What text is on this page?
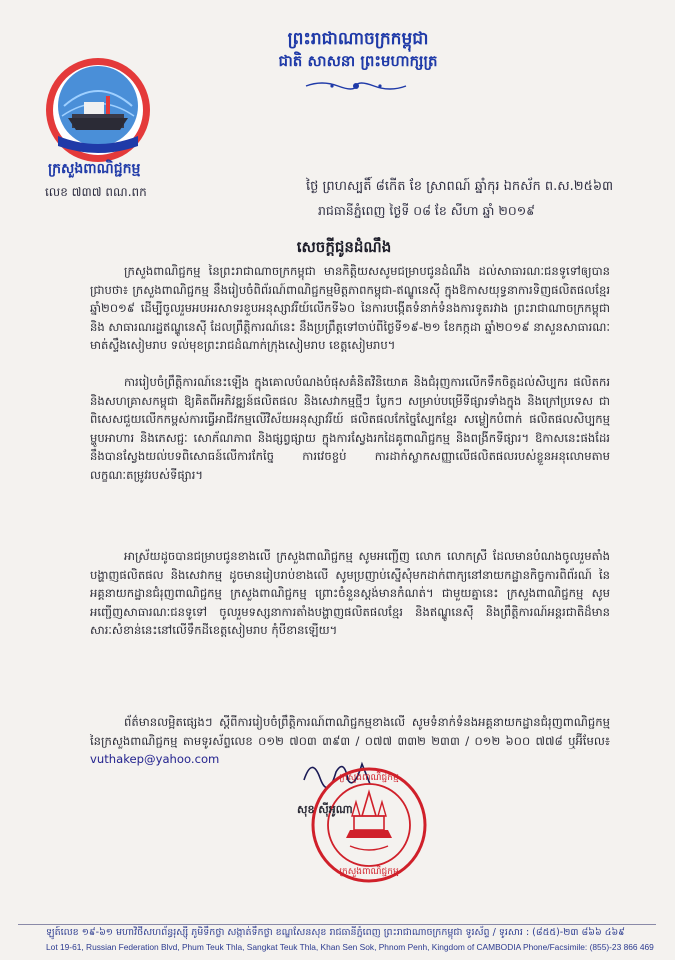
ព្រះរាជាណាចក្រកម្ពុជា
ជាតិ សាសនា ព្រះមហាក្សត្រ
ក្រសួងពាណិជ្ជកម្ម
លេខ ៧៣៧ ពណ.ពក	ថ្ងៃ ព្រហស្បតិ៍ ៨កើត ខែ ស្រាពណ៍ ឆ្នាំកុរ ឯកស័ក ព.ស.២៥៦៣
រាជធានីភ្នំពេញ ថ្ងៃទី ០៨ ខែ សីហា ឆ្នាំ ២០១៩
សេចក្តីជូនដំណឹង

ក្រសួងពាណិជ្ជកម្ម នៃព្រះរាជាណាចក្រកម្ពុជា មានកិត្តិយសសូមជម្រាបជូនដំណឹង ដល់សាធារណៈជនទូទៅឲ្យបានជ្រាបថា៖ ក្រសួងពាណិជ្ជកម្ម នឹងរៀបចំពិព័រណ៍ពាណិជ្ជកម្មមិត្តភាពកម្ពុជា-ឥណ្ឌូនេស៊ី ក្នុងឱកាសយុទ្ធនាការទិញផលិតផលខ្មែរ ឆ្នាំ២០១៩ ដើម្បីចូលរួមអបអរសាទរខួបអនុស្សាវរីយ៍លើកទី៦០ នៃការបង្កើតទំនាក់ទំនងការទូតរវាង ព្រះរាជាណាចក្រកម្ពុជា និង សាធារណរដ្ឋឥណ្ឌូនេស៊ី ដែលព្រឹត្តិការណ៍នេះ នឹងប្រព្រឹត្តទៅចាប់ពីថ្ងៃទី១៩-២១ ខែកក្កដា ឆ្នាំ២០១៩ នាសួនសាធារណៈមាត់ស្ទឹងសៀមរាប ទល់មុខព្រះរាជដំណាក់ក្រុងសៀមរាប ខេត្តសៀមរាប។

ការរៀបចំព្រឹត្តិការណ៍នេះឡើង ក្នុងគោលបំណងបំផុសគំនិតវិនិយោគ និងជំរុញការលើកទឹកចិត្តដល់សិប្បករ ផលិតករ និងសហគ្រាសកម្ពុជា ឱ្យគិតពីអភិវឌ្ឍន៍ផលិតផល និងសេវាកម្មថ្មីៗ ប្លែកៗ សម្រាប់បម្រើទីផ្សារទាំងក្នុង និងក្រៅប្រទេស ជាពិសេសជួយលើកកម្ពស់ការធ្វើអាជីវកម្មលើវិស័យអនុស្សាវរីយ៍ ផលិតផលកែច្នៃស្បែកខ្មែរ សម្លៀកបំពាក់ ផលិតផលសិប្បកម្ម ម្ហូបអាហារ និងភេសជ្ជៈ សោភ័ណភាព និងផ្សព្វផ្សាយ ក្នុងការស្វែងរកដៃគូពាណិជ្ជកម្ម និងពង្រីកទីផ្សារ។ ឱកាសនេះផងដែរ នឹងបានស្វែងយល់បទពិសោធន៍លើការកែច្នៃ ការវេចខ្ចប់ ការដាក់ស្លាកសញ្ញាលើផលិតផលរបស់ខ្លួនអនុលោមតាមលក្ខណៈតម្រូវរបស់ទីផ្សារ។

អាស្រ័យដូចបានជម្រាបជូនខាងលើ ក្រសួងពាណិជ្ជកម្ម សូមអញ្ជើញ លោក លោកស្រី ដែលមានបំណងចូលរួមតាំងបង្ហាញផលិតផល និងសេវាកម្ម ដូចមានរៀបរាប់ខាងលើ សូមប្រញាប់ស្នើសុំមកដាក់ពាក្យនៅនាយកដ្ឋានកិច្ចការពិព័រណ៍ នៃអគ្គនាយកដ្ឋានជំរុញពាណិជ្ជកម្ម ក្រសួងពាណិជ្ជកម្ម ព្រោះចំនួនស្តង់មានកំណត់។ ជាមួយគ្នានេះ ក្រសួងពាណិជ្ជកម្ម សូមអញ្ជើញសាធារណៈជនទូទៅ ចូលរួមទស្សនាការតាំងបង្ហាញផលិតផលខ្មែរ និងឥណ្ឌូនេស៊ី និងព្រឹត្តិការណ៍អន្តរជាតិដ៏មានសារៈសំខាន់នេះនៅលើទឹកដីខេត្តសៀមរាប កុំបីខានឡើយ។

ព័ត៌មានលម្អិតផ្សេងៗ ស្តីពីការរៀបចំព្រឹត្តិការណ៍ពាណិជ្ជកម្មខាងលើ សូមទំនាក់ទំនងអគ្គនាយកដ្ឋានជំរុញពាណិជ្ជកម្ម នៃក្រសួងពាណិជ្ជកម្ម តាមទូរស័ព្ទលេខ ០១២ ៧០៣ ៣៩៣ / ០៧៧ ៣៣២ ២៣៣ / ០១២ ៦០០ ៧៧៨ ឬអ៊ីមែល៖ vuthakep@yahoo.com

ក្រសួងពាណិជ្ជកម្ម
ក្រសួងពាណិជ្ជកម្ម
សុខ ស៊ីអូណា
ឡូត៍លេខ ១៩-៦១ មហាវិថីសហព័ន្ធរុស្ស៊ី ភូមិទឹកថ្លា សង្កាត់ទឹកថ្លា ខណ្ឌសែនសុខ រាជធានីភ្នំពេញ ព្រះរាជាណាចក្រកម្ពុជា ទូរស័ព្ទ / ទូរសារ : (៨៥៥)-២៣ ៨៦៦ ៤៦៩
Lot 19-61, Russian Federation Blvd, Phum Teuk Thla, Sangkat Teuk Thla, Khan Sen Sok, Phnom Penh, Kingdom of CAMBODIA Phone/Facsimile: (855)-23 866 469
